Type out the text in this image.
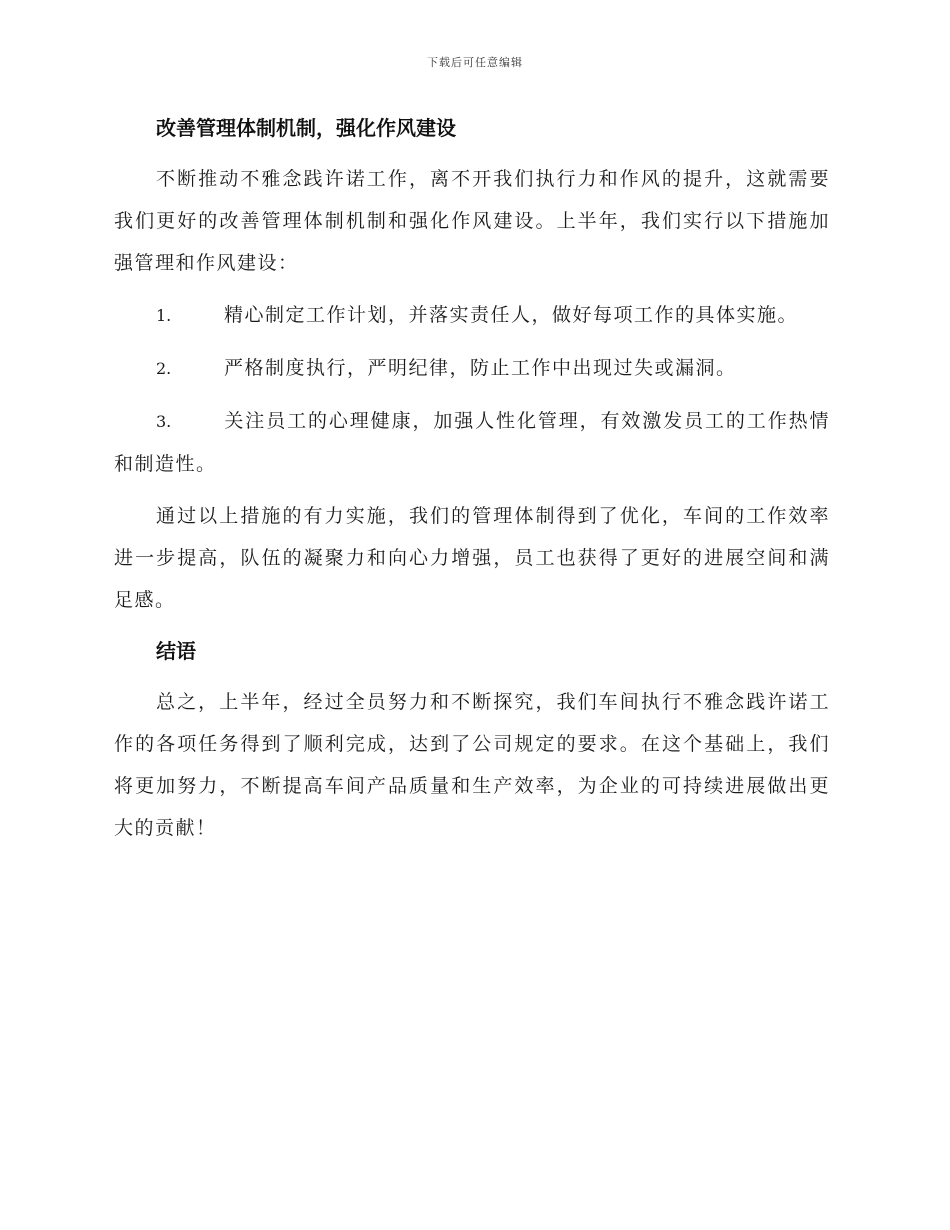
下载后可任意编辑
改善管理体制机制，强化作风建设

不断推动不雅念践许诺工作，离不开我们执行力和作风的提升，这就需要我们更好的改善管理体制机制和强化作风建设。上半年，我们实行以下措施加强管理和作风建设：

1.	精心制定工作计划，并落实责任人，做好每项工作的具体实施。

2.	严格制度执行，严明纪律，防止工作中出现过失或漏洞。

3.	关注员工的心理健康，加强人性化管理，有效激发员工的工作热情和制造性。

通过以上措施的有力实施，我们的管理体制得到了优化，车间的工作效率进一步提高，队伍的凝聚力和向心力增强，员工也获得了更好的进展空间和满足感。

结语

总之，上半年，经过全员努力和不断探究，我们车间执行不雅念践许诺工作的各项任务得到了顺利完成，达到了公司规定的要求。在这个基础上，我们将更加努力，不断提高车间产品质量和生产效率，为企业的可持续进展做出更大的贡献！
